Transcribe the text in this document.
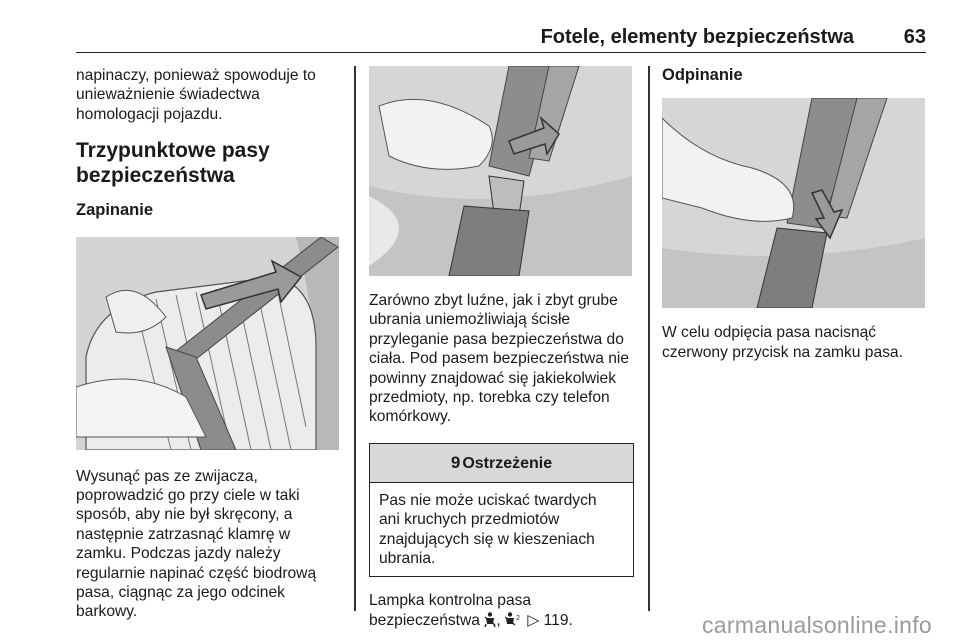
Fotele, elementy bezpieczeństwa 63

napinaczy, ponieważ spowoduje to
unieważnienie świadectwa
homologacji pojazdu.

Trzypunktowe pasy
bezpieczeństwa
Zapinanie

Wysunąć pas ze zwijacza,
poprowadzić go przy ciele w taki
sposób, aby nie był skręcony, a
następnie zatrzasnąć klamrę w
zamku. Podczas jazdy należy
regularnie napinać część biodrową
pasa, ciągnąc za jego odcinek
barkowy.

Zarówno zbyt luźne, jak i zbyt grube
ubrania uniemożliwiają ścisłe
przyleganie pasa bezpieczeństwa do
ciała. Pod pasem bezpieczeństwa nie
powinny znajdować się jakiekolwiek
przedmioty, np. torebka czy telefon
komórkowy.

9 Ostrzeżenie
Pas nie może uciskać twardych
ani kruchych przedmiotów
znajdujących się w kieszeniach
ubrania.

Lampka kontrolna pasa

bezpieczeństwa , 2 ▷ 119.

Odpinanie

W celu odpięcia pasa nacisnąć
czerwony przycisk na zamku pasa.

carmanualsonline.info
